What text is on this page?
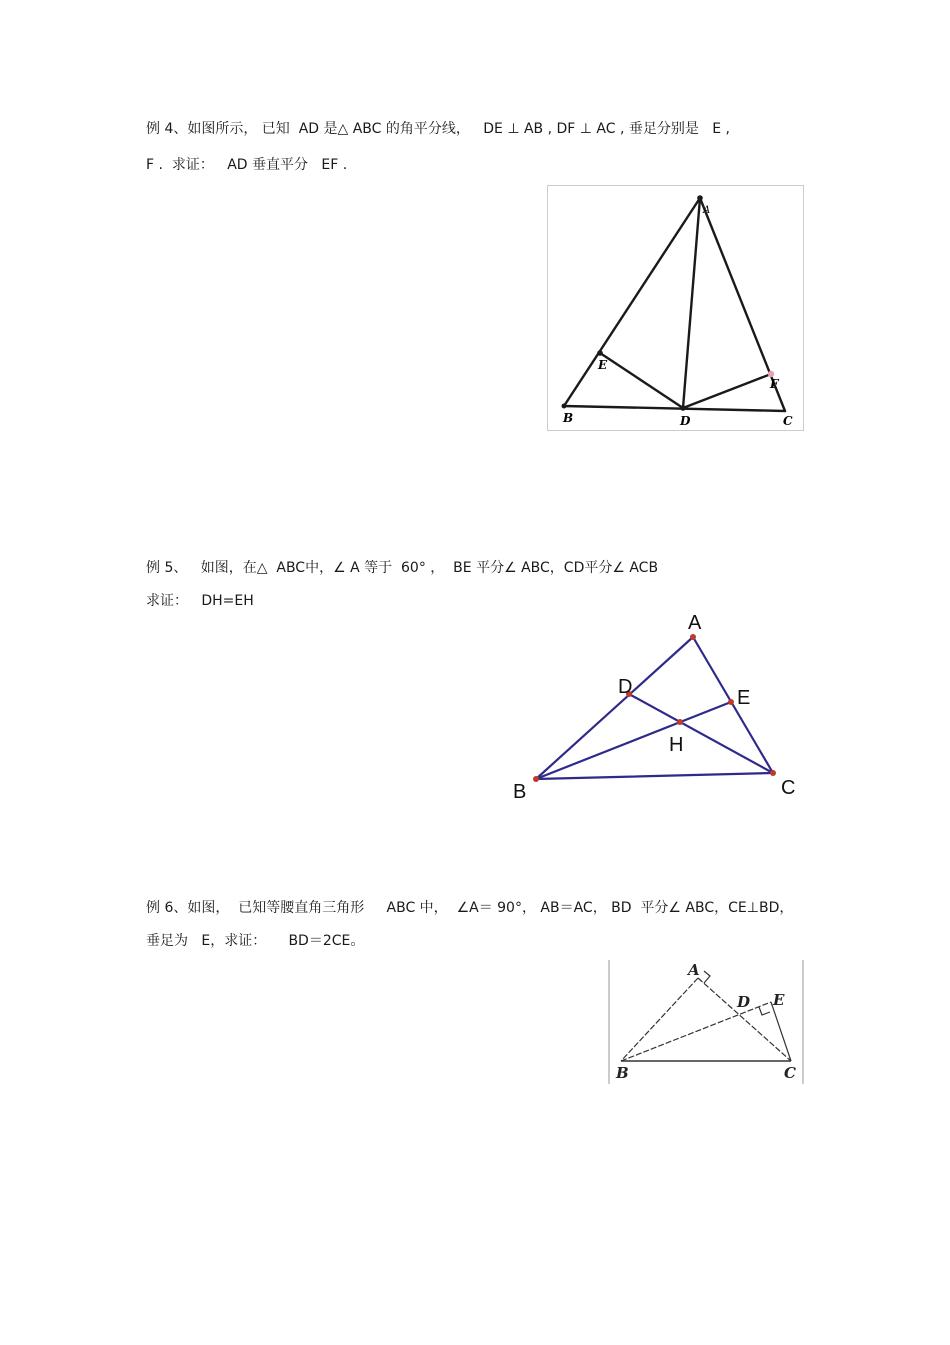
例 4、如图所示， 已知  AD 是△ ABC 的角平分线，   DE ⊥ AB , DF ⊥ AC , 垂足分别是   E ,
F .  求证：   AD 垂直平分   EF .
A
B	C
D
E
F
例 5、   如图，在△  ABC中，∠ A 等于  60° ，  BE 平分∠ ABC，CD平分∠ ACB
求证：   DH=EH
A
B	C
D	E
H
例 6、如图，  已知等腰直角三角形     ABC 中，  ∠A＝ 90°， AB＝AC， BD  平分∠ ABC，CE⊥BD，
垂足为   E，求证：     BD＝2CE。
A
B	C
D E
